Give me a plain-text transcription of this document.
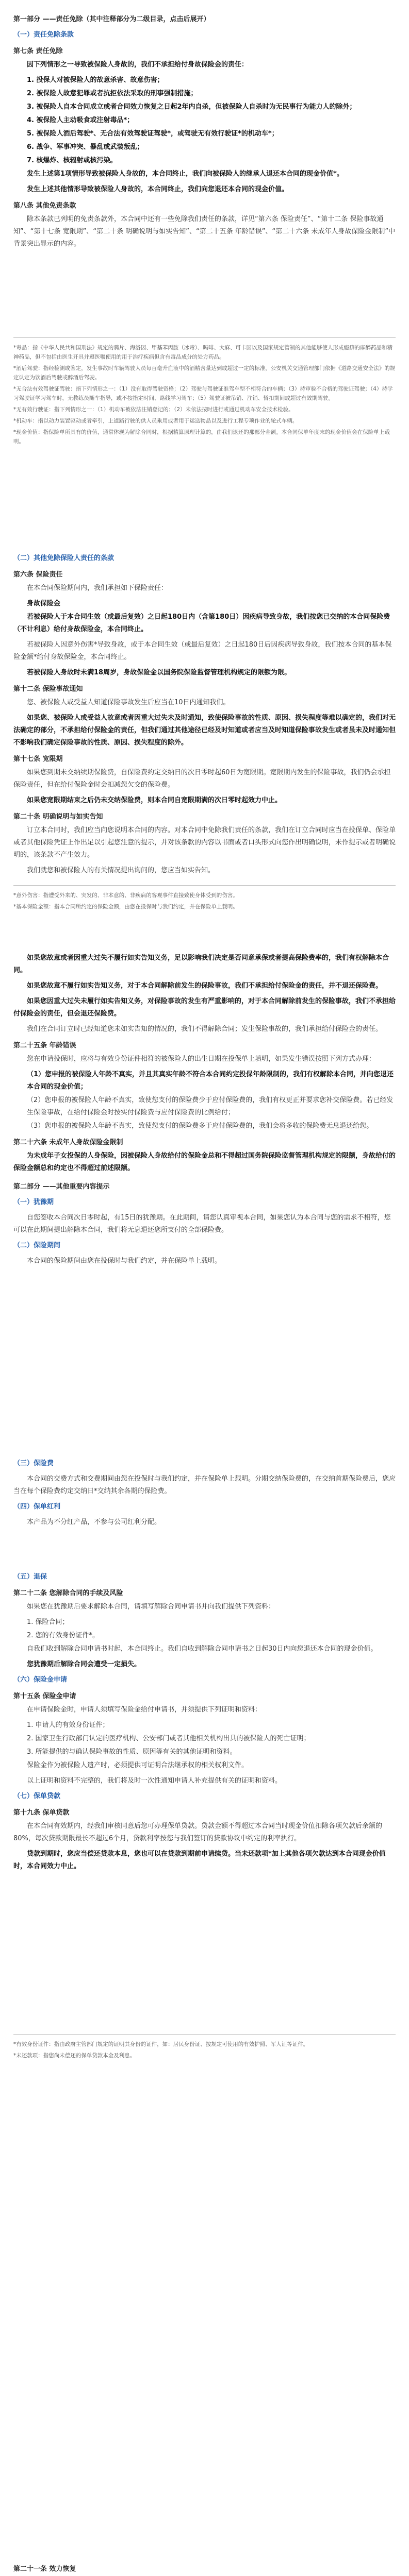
第一部分 ——责任免除（其中注释部分为二级目录，点击后展开）
（一）责任免除条款
第七条 责任免除

因下列情形之一导致被保险人身故的，我们不承担给付身故保险金的责任：

1. 投保人对被保险人的故意杀害、故意伤害；
2. 被保险人故意犯罪或者抗拒依法采取的刑事强制措施；
3. 被保险人自本合同成立或者合同效力恢复之日起2年内自杀，但被保险人自杀时为无民事行为能力人的除外；
4. 被保险人主动吸食或注射毒品*；
5. 被保险人酒后驾驶*、无合法有效驾驶证驾驶*，或驾驶无有效行驶证*的机动车*；
6. 战争、军事冲突、暴乱或武装叛乱；
7. 核爆炸、核辐射或核污染。

发生上述第1项情形导致被保险人身故的，本合同终止，我们向被保险人的继承人退还本合同的现金价值*。

发生上述其他情形导致被保险人身故的，本合同终止，我们向您退还本合同的现金价值。

第八条 其他免责条款

除本条款已列明的免责条款外，本合同中还有一些免除我们责任的条款，详见“第六条 保险责任”、“第十二条 保险事故通知”、“第十七条 宽限期”、“第二十条 明确说明与如实告知”、“第二十五条 年龄错误”、“第二十六条 未成年人身故保险金限制”中背景突出显示的内容。

*毒品：指《中华人民共和国刑法》规定的鸦片、海洛因、甲基苯丙胺（冰毒）、吗啡、大麻、可卡因以及国家规定管制的其他能够使人形成瘾癖的麻醉药品和精神药品，但不包括由医生开具并遵医嘱使用的用于治疗疾病但含有毒品成分的处方药品。

*酒后驾驶：指经检测或鉴定，发生事故时车辆驾驶人员每百毫升血液中的酒精含量达到或超过一定的标准，公安机关交通管理部门依据《道路交通安全法》的规定认定为饮酒后驾驶或醉酒后驾驶。

*无合法有效驾驶证驾驶：指下列情形之一：（1）没有取得驾驶资格；（2）驾驶与驾驶证准驾车型不相符合的车辆；（3）持审验不合格的驾驶证驾驶；（4）持学习驾驶证学习驾车时，无教练员随车指导，或不按指定时间、路线学习驾车；（5）驾驶证被吊销、注销、暂扣期间或超过有效期驾驶。

*无有效行驶证：指下列情形之一：（1）机动车被依法注销登记的；（2）未依法按时进行或通过机动车安全技术检验。

*机动车：指以动力装置驱动或者牵引，上道路行驶的供人员乘用或者用于运送物品以及进行工程专项作业的轮式车辆。

*现金价值：指保险单所具有的价值，通常体现为解除合同时，根据精算原理计算的，由我们退还的那部分金额。本合同保单年度末的现金价值会在保险单上载明。

（二）其他免除保险人责任的条款
第六条 保险责任

在本合同保险期间内，我们承担如下保险责任：

身故保险金

若被保险人于本合同生效（或最后复效）之日起180日内（含第180日）因疾病导致身故，我们按您已交纳的本合同保险费（不计利息）给付身故保险金，本合同终止。

若被保险人因意外伤害*导致身故，或于本合同生效（或最后复效）之日起180日后因疾病导致身故，我们按本合同的基本保险金额*给付身故保险金，本合同终止。

若被保险人身故时未满18周岁，身故保险金以国务院保险监督管理机构规定的限额为限。

第十二条 保险事故通知

您、被保险人或受益人知道保险事故发生后应当在10日内通知我们。

如果您、被保险人或受益人故意或者因重大过失未及时通知，致使保险事故的性质、原因、损失程度等难以确定的，我们对无法确定的部分，不承担给付保险金的责任，但我们通过其他途径已经及时知道或者应当及时知道保险事故发生或者虽未及时通知但不影响我们确定保险事故的性质、原因、损失程度的除外。

第十七条 宽限期

如果您到期未交纳续期保险费，自保险费约定交纳日的次日零时起60日为宽限期。宽限期内发生的保险事故，我们仍会承担保险责任，但在给付保险金时会扣减您欠交的保险费。

如果您宽限期结束之后仍未交纳保险费，则本合同自宽限期满的次日零时起效力中止。

第二十条 明确说明与如实告知

订立本合同时，我们应当向您说明本合同的内容。对本合同中免除我们责任的条款，我们在订立合同时应当在投保单、保险单或者其他保险凭证上作出足以引起您注意的提示，并对该条款的内容以书面或者口头形式向您作出明确说明，未作提示或者明确说明的，该条款不产生效力。

我们就您和被保险人的有关情况提出询问的，您应当如实告知。

*意外伤害：指遭受外来的、突发的、非本意的、非疾病的客观事件直接致使身体受到的伤害。

*基本保险金额：指本合同所约定的保险金额，由您在投保时与我们约定，并在保险单上载明。

如果您故意或者因重大过失不履行如实告知义务，足以影响我们决定是否同意承保或者提高保险费率的，我们有权解除本合同。

如果您故意不履行如实告知义务，对于本合同解除前发生的保险事故，我们不承担给付保险金的责任，并不退还保险费。

如果您因重大过失未履行如实告知义务，对保险事故的发生有严重影响的，对于本合同解除前发生的保险事故，我们不承担给付保险金的责任，但会退还保险费。

我们在合同订立时已经知道您未如实告知的情况的，我们不得解除合同；发生保险事故的，我们承担给付保险金的责任。

第二十五条 年龄错误

您在申请投保时，应将与有效身份证件相符的被保险人的出生日期在投保单上填明，如果发生错误按照下列方式办理：

（1）您申报的被保险人年龄不真实，并且其真实年龄不符合本合同约定投保年龄限制的，我们有权解除本合同，并向您退还本合同的现金价值；
（2）您申报的被保险人年龄不真实，致使您支付的保险费少于应付保险费的，我们有权更正并要求您补交保险费。若已经发生保险事故，在给付保险金时按实付保险费与应付保险费的比例给付；
（3）您申报的被保险人年龄不真实，致使您支付的保险费多于应付保险费的，我们会将多收的保险费无息退还给您。
第二十六条 未成年人身故保险金限制

为未成年子女投保的人身保险，因被保险人身故给付的保险金总和不得超过国务院保险监督管理机构规定的限额，身故给付的保险金额总和约定也不得超过前述限额。

第二部分 ——其他重要内容提示
（一）犹豫期

自您签收本合同次日零时起，有15日的犹豫期。在此期间，请您认真审视本合同，如果您认为本合同与您的需求不相符，您可以在此期间提出解除本合同，我们将无息退还您所支付的全部保险费。

（二）保险期间

本合同的保险期间由您在投保时与我们约定，并在保险单上载明。

（三）保险费

本合同的交费方式和交费期间由您在投保时与我们约定，并在保险单上载明。分期交纳保险费的，在交纳首期保险费后，您应当在每个保险费约定交纳日*交纳其余各期的保险费。

（四）保单红利

本产品为不分红产品，不参与公司红利分配。

（五）退保
第二十二条 您解除合同的手续及风险

如果您在犹豫期后要求解除本合同，请填写解除合同申请书并向我们提供下列资料：

1. 保险合同；
2. 您的有效身份证件*。

自我们收到解除合同申请书时起，本合同终止。我们自收到解除合同申请书之日起30日内向您退还本合同的现金价值。

您犹豫期后解除合同会遭受一定损失。

（六）保险金申请
第十五条 保险金申请

在申请保险金时，申请人须填写保险金给付申请书，并须提供下列证明和资料：

1. 申请人的有效身份证件；
2. 国家卫生行政部门认定的医疗机构、公安部门或者其他相关机构出具的被保险人的死亡证明；
3. 所能提供的与确认保险事故的性质、原因等有关的其他证明和资料。

保险金作为被保险人遗产时，必须提供可证明合法继承权的相关权利文件。

以上证明和资料不完整的，我们将及时一次性通知申请人补充提供有关的证明和资料。

（七）保单贷款
第十九条 保单贷款

在本合同有效期内，经我们审核同意后您可办理保单贷款。贷款金额不得超过本合同当时现金价值扣除各项欠款后余额的80%，每次贷款期限最长不超过6个月，贷款利率按您与我们签订的贷款协议中约定的利率执行。

贷款到期时，您应当偿还贷款本息，您也可以在贷款到期前申请续贷。当未还款项*加上其他各项欠款达到本合同现金价值时，本合同效力中止。

*有效身份证件：指由政府主管部门规定的证明其身份的证件，如：居民身份证、按规定可使用的有效护照、军人证等证件。

*未还款项：指您尚未偿还的保单贷款本金及利息。

第二十一条 效力恢复
